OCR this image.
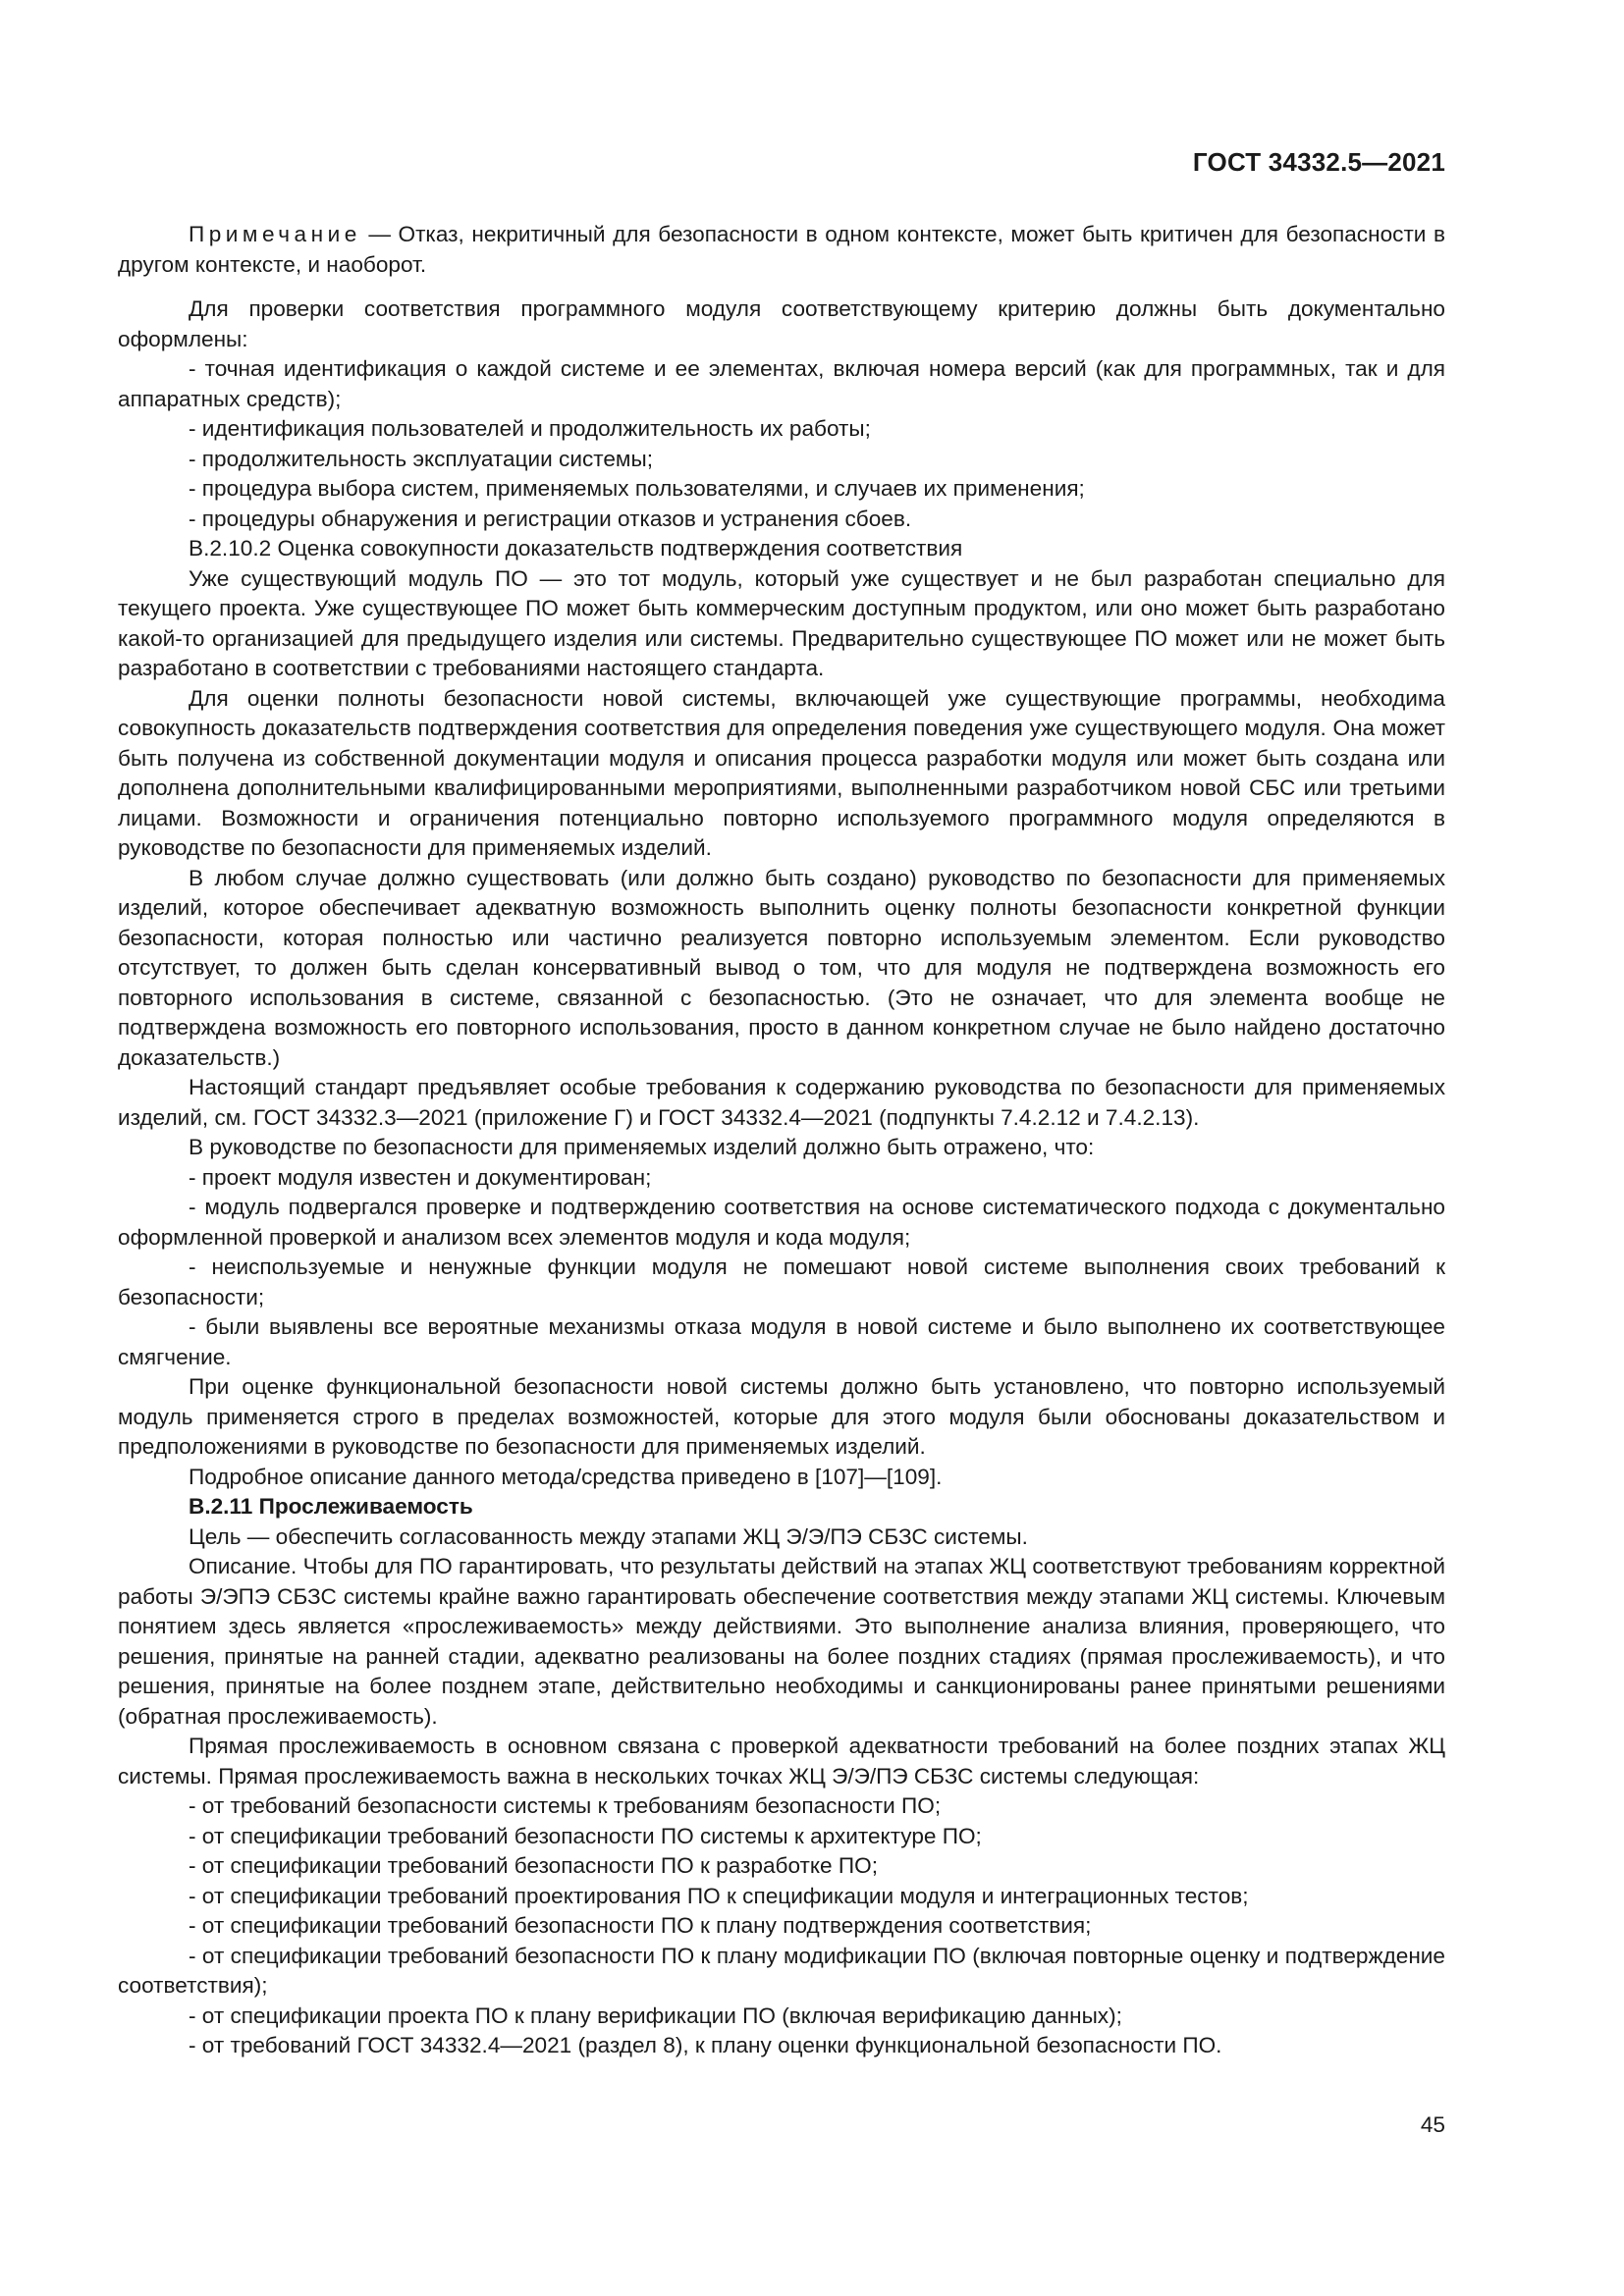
ГОСТ 34332.5—2021

Примечание — Отказ, некритичный для безопасности в одном контексте, может быть критичен для безопасности в другом контексте, и наоборот.

Для проверки соответствия программного модуля соответствующему критерию должны быть документально оформлены:

- точная идентификация о каждой системе и ее элементах, включая номера версий (как для программных, так и для аппаратных средств);

- идентификация пользователей и продолжительность их работы;

- продолжительность эксплуатации системы;

- процедура выбора систем, применяемых пользователями, и случаев их применения;

- процедуры обнаружения и регистрации отказов и устранения сбоев.

В.2.10.2 Оценка совокупности доказательств подтверждения соответствия

Уже существующий модуль ПО — это тот модуль, который уже существует и не был разработан специально для текущего проекта. Уже существующее ПО может быть коммерческим доступным продуктом, или оно может быть разработано какой-то организацией для предыдущего изделия или системы. Предварительно существующее ПО может или не может быть разработано в соответствии с требованиями настоящего стандарта.

Для оценки полноты безопасности новой системы, включающей уже существующие программы, необходима совокупность доказательств подтверждения соответствия для определения поведения уже существующего модуля. Она может быть получена из собственной документации модуля и описания процесса разработки модуля или может быть создана или дополнена дополнительными квалифицированными мероприятиями, выполненными разработчиком новой СБС или третьими лицами. Возможности и ограничения потенциально повторно используемого программного модуля определяются в руководстве по безопасности для применяемых изделий.

В любом случае должно существовать (или должно быть создано) руководство по безопасности для применяемых изделий, которое обеспечивает адекватную возможность выполнить оценку полноты безопасности конкретной функции безопасности, которая полностью или частично реализуется повторно используемым элементом. Если руководство отсутствует, то должен быть сделан консервативный вывод о том, что для модуля не подтверждена возможность его повторного использования в системе, связанной с безопасностью. (Это не означает, что для элемента вообще не подтверждена возможность его повторного использования, просто в данном конкретном случае не было найдено достаточно доказательств.)

Настоящий стандарт предъявляет особые требования к содержанию руководства по безопасности для применяемых изделий, см. ГОСТ 34332.3—2021 (приложение Г) и ГОСТ 34332.4—2021 (подпункты 7.4.2.12 и 7.4.2.13).

В руководстве по безопасности для применяемых изделий должно быть отражено, что:

- проект модуля известен и документирован;

- модуль подвергался проверке и подтверждению соответствия на основе систематического подхода с документально оформленной проверкой и анализом всех элементов модуля и кода модуля;

- неиспользуемые и ненужные функции модуля не помешают новой системе выполнения своих требований к безопасности;

- были выявлены все вероятные механизмы отказа модуля в новой системе и было выполнено их соответствующее смягчение.

При оценке функциональной безопасности новой системы должно быть установлено, что повторно используемый модуль применяется строго в пределах возможностей, которые для этого модуля были обоснованы доказательством и предположениями в руководстве по безопасности для применяемых изделий.

Подробное описание данного метода/средства приведено в [107]—[109].

В.2.11 Прослеживаемость

Цель — обеспечить согласованность между этапами ЖЦ Э/Э/ПЭ СБЗС системы.

Описание. Чтобы для ПО гарантировать, что результаты действий на этапах ЖЦ соответствуют требованиям корректной работы Э/ЭПЭ СБЗС системы крайне важно гарантировать обеспечение соответствия между этапами ЖЦ системы. Ключевым понятием здесь является «прослеживаемость» между действиями. Это выполнение анализа влияния, проверяющего, что решения, принятые на ранней стадии, адекватно реализованы на более поздних стадиях (прямая прослеживаемость), и что решения, принятые на более позднем этапе, действительно необходимы и санкционированы ранее принятыми решениями (обратная прослеживаемость).

Прямая прослеживаемость в основном связана с проверкой адекватности требований на более поздних этапах ЖЦ системы. Прямая прослеживаемость важна в нескольких точках ЖЦ Э/Э/ПЭ СБЗС системы следующая:

- от требований безопасности системы к требованиям безопасности ПО;

- от спецификации требований безопасности ПО системы к архитектуре ПО;

- от спецификации требований безопасности ПО к разработке ПО;

- от спецификации требований проектирования ПО к спецификации модуля и интеграционных тестов;

- от спецификации требований безопасности ПО к плану подтверждения соответствия;

- от спецификации требований безопасности ПО к плану модификации ПО (включая повторные оценку и подтверждение соответствия);

- от спецификации проекта ПО к плану верификации ПО (включая верификацию данных);

- от требований ГОСТ 34332.4—2021 (раздел 8), к плану оценки функциональной безопасности ПО.

45
